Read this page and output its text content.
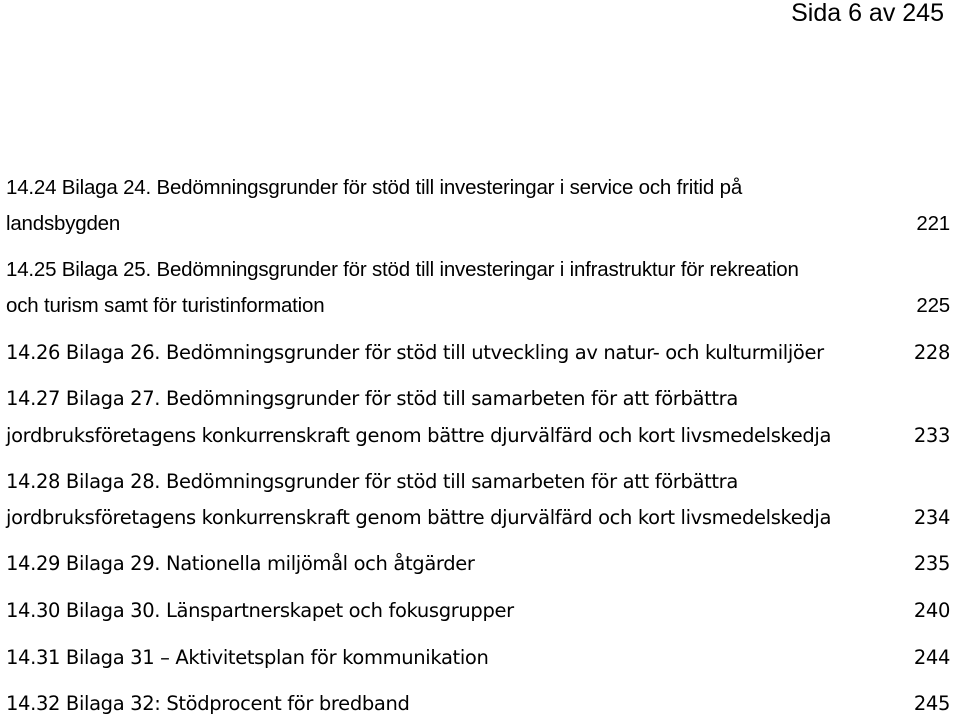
Sida 6 av 245
14.24 Bilaga 24. Bedömningsgrunder för stöd till investeringar i service och fritid på
landsbygden	221
14.25 Bilaga 25. Bedömningsgrunder för stöd till investeringar i infrastruktur för rekreation
och turism samt för turistinformation	225
14.26 Bilaga 26. Bedömningsgrunder för stöd till utveckling av natur- och kulturmiljöer	228
14.27 Bilaga 27. Bedömningsgrunder för stöd till samarbeten för att förbättra
jordbruksföretagens konkurrenskraft genom bättre djurvälfärd och kort livsmedelskedja	233
14.28 Bilaga 28. Bedömningsgrunder för stöd till samarbeten för att förbättra
jordbruksföretagens konkurrenskraft genom bättre djurvälfärd och kort livsmedelskedja	234
14.29 Bilaga 29. Nationella miljömål och åtgärder	235
14.30 Bilaga 30. Länspartnerskapet och fokusgrupper	240
14.31 Bilaga 31 – Aktivitetsplan för kommunikation	244
14.32 Bilaga 32: Stödprocent för bredband	245
